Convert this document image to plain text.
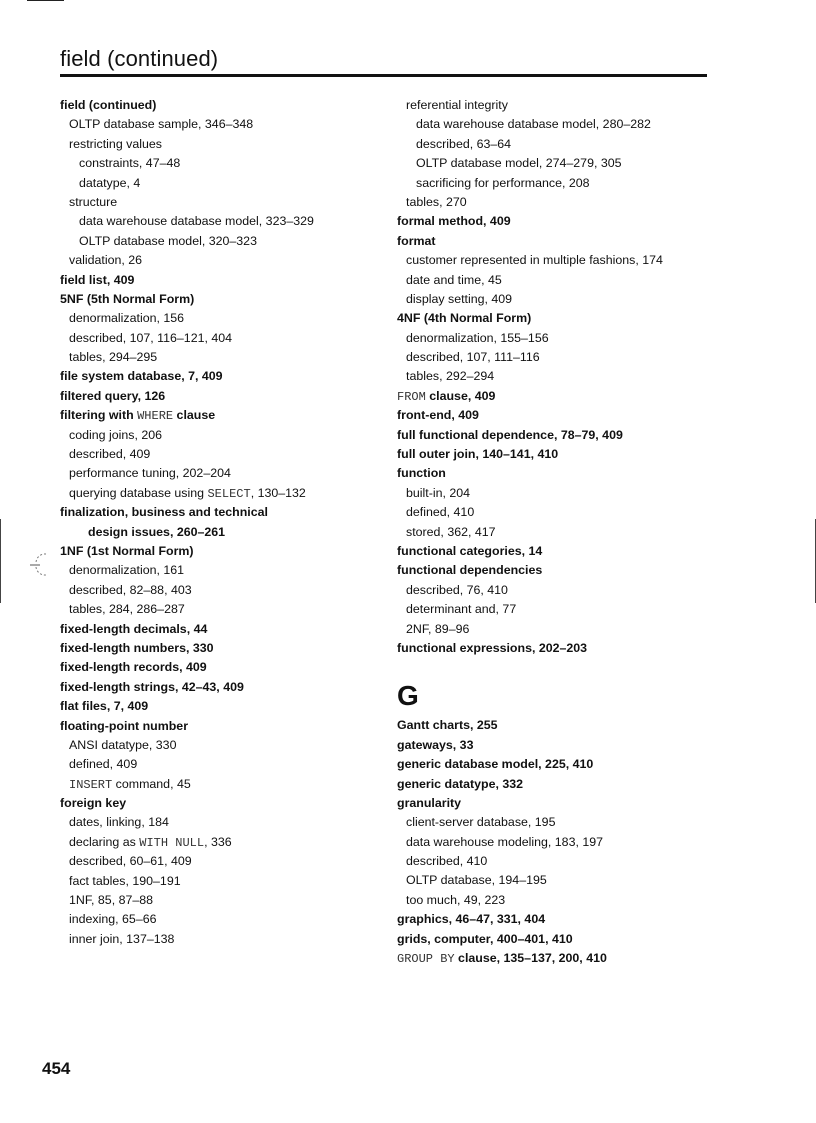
field (continued)
field (continued)
OLTP database sample, 346–348
restricting values
constraints, 47–48
datatype, 4
structure
data warehouse database model, 323–329
OLTP database model, 320–323
validation, 26
field list, 409
5NF (5th Normal Form)
denormalization, 156
described, 107, 116–121, 404
tables, 294–295
file system database, 7, 409
filtered query, 126
filtering with WHERE clause
coding joins, 206
described, 409
performance tuning, 202–204
querying database using SELECT, 130–132
finalization, business and technical
design issues, 260–261
1NF (1st Normal Form)
denormalization, 161
described, 82–88, 403
tables, 284, 286–287
fixed-length decimals, 44
fixed-length numbers, 330
fixed-length records, 409
fixed-length strings, 42–43, 409
flat files, 7, 409
floating-point number
ANSI datatype, 330
defined, 409
INSERT command, 45
foreign key
dates, linking, 184
declaring as WITH NULL, 336
described, 60–61, 409
fact tables, 190–191
1NF, 85, 87–88
indexing, 65–66
inner join, 137–138
referential integrity
data warehouse database model, 280–282
described, 63–64
OLTP database model, 274–279, 305
sacrificing for performance, 208
tables, 270
formal method, 409
format
customer represented in multiple fashions, 174
date and time, 45
display setting, 409
4NF (4th Normal Form)
denormalization, 155–156
described, 107, 111–116
tables, 292–294
FROM clause, 409
front-end, 409
full functional dependence, 78–79, 409
full outer join, 140–141, 410
function
built-in, 204
defined, 410
stored, 362, 417
functional categories, 14
functional dependencies
described, 76, 410
determinant and, 77
2NF, 89–96
functional expressions, 202–203
G
Gantt charts, 255
gateways, 33
generic database model, 225, 410
generic datatype, 332
granularity
client-server database, 195
data warehouse modeling, 183, 197
described, 410
OLTP database, 194–195
too much, 49, 223
graphics, 46–47, 331, 404
grids, computer, 400–401, 410
GROUP BY clause, 135–137, 200, 410
454
